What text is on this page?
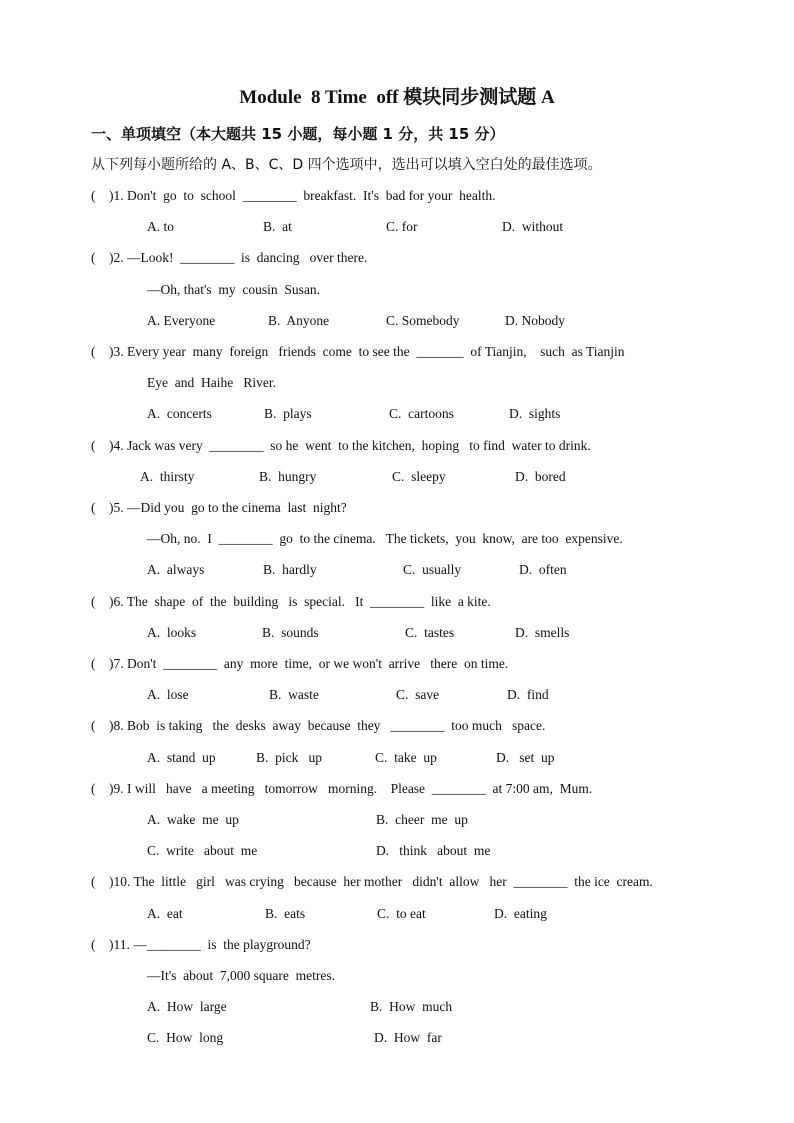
Module  8 Time  off 模块同步测试题 A
一、单项填空（本大题共 15 小题，每小题 1 分，共 15 分）
从下列每小题所给的 A、B、C、D 四个选项中，选出可以填入空白处的最佳选项。
(    )1. Don't  go  to  school  ________  breakfast.  It's  bad for your  health.
A. to	B.  at	C. for	D.  without
(    )2. —Look!  ________  is  dancing   over there.
—Oh, that's  my  cousin  Susan.
A. Everyone	B.  Anyone	C. Somebody	D. Nobody
(    )3. Every year  many  foreign   friends  come  to see the  _______  of Tianjin,    such  as Tianjin
Eye  and  Haihe   River.
A.  concerts	B.  plays	C.  cartoons	D.  sights
(    )4. Jack was very  ________  so he  went  to the kitchen,  hoping   to find  water to drink.
A.  thirsty	B.  hungry	C.  sleepy	D.  bored
(    )5. —Did you  go to the cinema  last  night?
—Oh, no.  I  ________  go  to the cinema.   The tickets,  you  know,  are too  expensive.
A.  always	B.  hardly	C.  usually	D.  often
(    )6. The  shape  of  the  building   is  special.   It  ________  like  a kite.
A.  looks	B.  sounds	C.  tastes	D.  smells
(    )7. Don't  ________  any  more  time,  or we won't  arrive   there  on time.
A.  lose	B.  waste	C.  save	D.  find
(    )8. Bob  is taking   the  desks  away  because  they   ________  too much   space.
A.  stand  up	B.  pick   up	C.  take  up	D.   set  up
(    )9. I will   have   a meeting   tomorrow   morning.    Please  ________  at 7:00 am,  Mum.
A.  wake  me  up	B.  cheer  me  up
C.  write   about  me	D.   think   about  me
(    )10. The  little   girl   was crying   because  her mother   didn't  allow   her  ________  the ice  cream.
A.  eat	B.  eats	C.  to eat	D.  eating
(    )11. —________  is  the playground?
—It's  about  7,000 square  metres.
A.  How  large	B.  How  much
C.  How  long	D.  How  far
